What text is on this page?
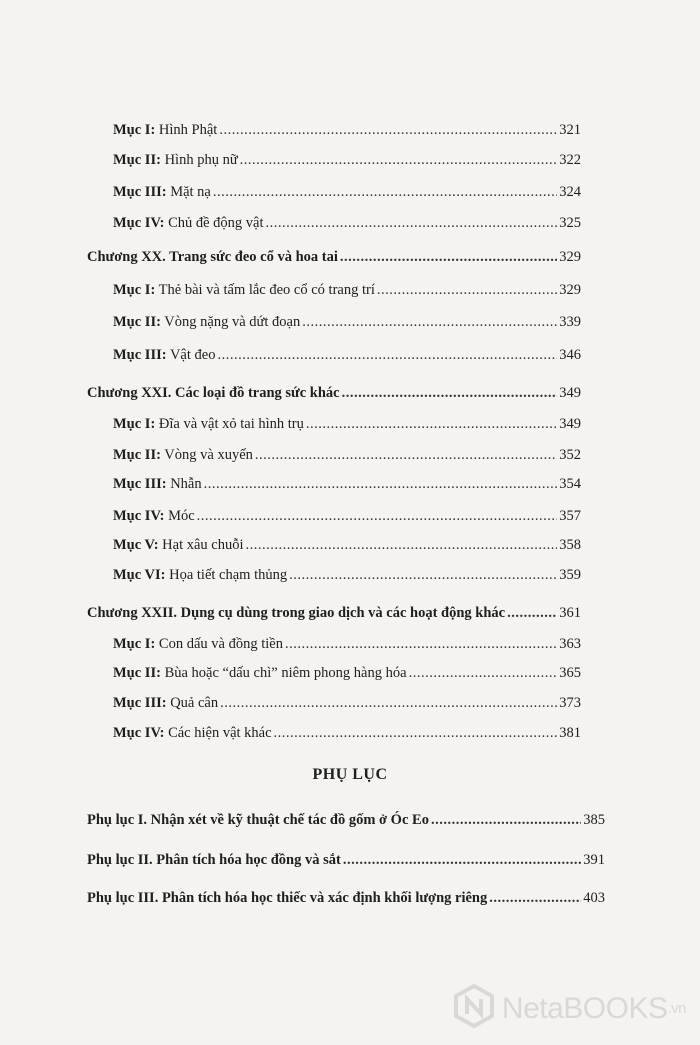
Mục I: Hình Phật .....	321
Mục II: Hình phụ nữ .....	322
Mục III: Mặt nạ .....	324
Mục IV: Chủ đề động vật .....	325
Chương XX. Trang sức đeo cổ và hoa tai .....	329
Mục I: Thẻ bài và tấm lắc đeo cổ có trang trí .....	329
Mục II: Vòng nặng và dứt đoạn .....	339
Mục III: Vật đeo .....	346
Chương XXI. Các loại đồ trang sức khác .....	349
Mục I: Đĩa và vật xỏ tai hình trụ .....	349
Mục II: Vòng và xuyến .....	352
Mục III: Nhẫn .....	354
Mục IV: Móc .....	357
Mục V: Hạt xâu chuỗi .....	358
Mục VI: Họa tiết chạm thủng .....	359
Chương XXII. Dụng cụ dùng trong giao dịch và các hoạt động khác .....	361
Mục I: Con dấu và đồng tiền .....	363
Mục II: Bùa hoặc “dấu chì” niêm phong hàng hóa .....	365
Mục III: Quả cân .....	373
Mục IV: Các hiện vật khác .....	381
PHỤ LỤC
Phụ lục I. Nhận xét về kỹ thuật chế tác đồ gốm ở Óc Eo .....	385
Phụ lục II. Phân tích hóa học đồng và sắt .....	391
Phụ lục III. Phân tích hóa học thiếc và xác định khối lượng riêng .....	403
NetaBOOKS .vn
